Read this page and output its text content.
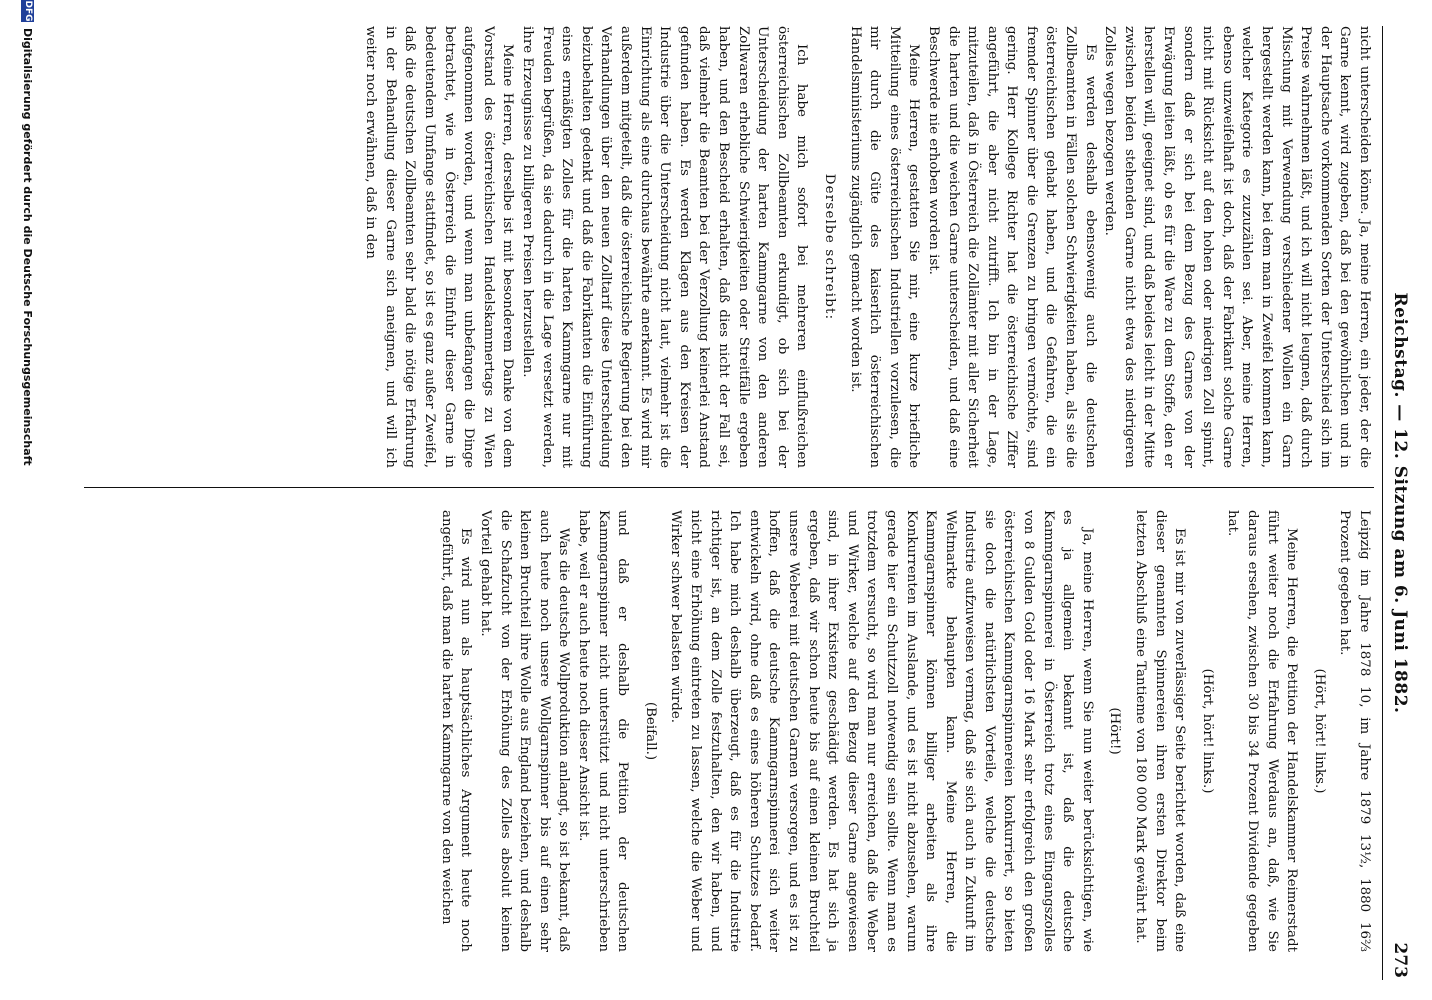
Reichstag. — 12. Sitzung am 6. Juni 1882.
273

nicht unterscheiden könne. Ja, meine Herren, ein jeder, der die Garne kennt, wird zugeben, daß bei den gewöhnlichen und in der Hauptsache vorkommenden Sorten der Unterschied sich im Preise wahrnehmen läßt, und ich will nicht leugnen, daß durch Mischung mit Verwendung verschiedener Wollen ein Garn hergestellt werden kann, bei dem man in Zweifel kommen kann, welcher Kategorie es zuzuzählen sei. Aber, meine Herren, ebenso unzweifelhaft ist doch, daß der Fabrikant solche Garne nicht mit Rücksicht auf den hohen oder niedrigen Zoll spinnt, sondern daß er sich bei dem Bezug des Garnes von der Erwägung leiten läßt, ob es für die Ware zu dem Stoffe, den er herstellen will, geeignet sind, und daß beides leicht in der Mitte zwischen beiden stehenden Garne nicht etwa des niedrigeren Zolles wegen bezogen werden.

Es werden deshalb ebensowenig auch die deutschen Zollbeamten in Fällen solchen Schwierigkeiten haben, als sie die österreichischen gehabt haben, und die Gefahren, die ein fremder Spinner über die Grenzen zu bringen vermöchte, sind gering. Herr Kollege Richter hat die österreichische Ziffer angeführt, die aber nicht zutrifft. Ich bin in der Lage, mitzuteilen, daß in Österreich die Zollämter mit aller Sicherheit die harten und die weichen Garne unterscheiden, und daß eine Beschwerde nie erhoben worden ist.

Meine Herren, gestatten Sie mir, eine kurze briefliche Mitteilung eines österreichischen Industriellen vorzulesen, die mir durch die Güte des kaiserlich österreichischen Handelsministeriums zugänglich gemacht worden ist.

Derselbe schreibt:

Ich habe mich sofort bei mehreren einflußreichen österreichischen Zollbeamten erkundigt, ob sich bei der Unterscheidung der harten Kammgarne von den anderen Zollwaren erhebliche Schwierigkeiten oder Streitfälle ergeben haben, und den Bescheid erhalten, daß dies nicht der Fall sei, daß vielmehr die Beamten bei der Verzollung keinerlei Anstand gefunden haben. Es werden Klagen aus den Kreisen der Industrie über die Unterscheidung nicht laut, vielmehr ist die Einrichtung als eine durchaus bewährte anerkannt. Es wird mir außerdem mitgeteilt, daß die österreichische Regierung bei den Verhandlungen über den neuen Zolltarif diese Unterscheidung beizubehalten gedenkt und daß die Fabrikanten die Einführung eines ermäßigten Zolles für die harten Kammgarne nur mit Freuden begrüßen, da sie dadurch in die Lage versetzt werden, ihre Erzeugnisse zu billigeren Preisen herzustellen.

Meine Herren, derselbe ist mit besonderem Danke von dem Vorstand des österreichischen Handelskammertags zu Wien aufgenommen worden, und wenn man unbefangen die Dinge betrachtet, wie in Österreich die Einfuhr dieser Garne in bedeutendem Umfange stattfindet, so ist es ganz außer Zweifel, daß die deutschen Zollbeamten sehr bald die nötige Erfahrung in der Behandlung dieser Garne sich aneignen, und will ich weiter noch erwähnen, daß in den

Leipzig im Jahre 1878 10, im Jahre 1879 13½, 1880 16⅔ Prozent gegeben hat.

(Hört, hört! links.)

Meine Herren, die Petition der Handelskammer Reimerstadt führt weiter noch die Erfahrung Werdaus an, daß, wie Sie daraus ersehen, zwischen 30 bis 34 Prozent Dividende gegeben hat.

(Hört, hört! links.)

Es ist mir von zuverlässiger Seite berichtet worden, daß eine dieser genannten Spinnereien ihren ersten Direktor beim letzten Abschluß eine Tantieme von 180 000 Mark gewährt hat.

(Hört!)

Ja, meine Herren, wenn Sie nun weiter berücksichtigen, wie es ja allgemein bekannt ist, daß die deutsche Kammgarnspinnerei in Österreich trotz eines Eingangszolles von 8 Gulden Gold oder 16 Mark sehr erfolgreich den großen österreichischen Kammgarnspinnereien konkurriert, so bieten sie doch die natürlichsten Vorteile, welche die deutsche Industrie aufzuweisen vermag, daß sie sich auch in Zukunft im Weltmarkte behaupten kann. Meine Herren, die Kammgarnspinner können billiger arbeiten als ihre Konkurrenten im Auslande, und es ist nicht abzusehen, warum gerade hier ein Schutzzoll notwendig sein sollte. Wenn man es trotzdem versucht, so wird man nur erreichen, daß die Weber und Wirker, welche auf den Bezug dieser Garne angewiesen sind, in ihrer Existenz geschädigt werden. Es hat sich ja ergeben, daß wir schon heute bis auf einen kleinen Bruchteil unsere Weberei mit deutschen Garnen versorgen, und es ist zu hoffen, daß die deutsche Kammgarnspinnerei sich weiter entwickeln wird, ohne daß es eines höheren Schutzes bedarf. Ich habe mich deshalb überzeugt, daß es für die Industrie richtiger ist, an dem Zolle festzuhalten, den wir haben, und nicht eine Erhöhung eintreten zu lassen, welche die Weber und Wirker schwer belasten würde.

(Beifall.)

und daß er deshalb die Petition der deutschen Kammgarnspinner nicht unterstützt und nicht unterschrieben habe, weil er auch heute noch dieser Ansicht ist.

Was die deutsche Wollproduktion anlangt, so ist bekannt, daß auch heute noch unsere Wollgarnspinner bis auf einen sehr kleinen Bruchteil ihre Wolle aus England beziehen, und deshalb die Schafzucht von der Erhöhung des Zolles absolut keinen Vorteil gehabt hat.

Es wird nun als hauptsächliches Argument heute noch angeführt, daß man die harten Kammgarne von den weichen

DFG
Digitalisierung gefördert durch die Deutsche Forschungsgemeinschaft
